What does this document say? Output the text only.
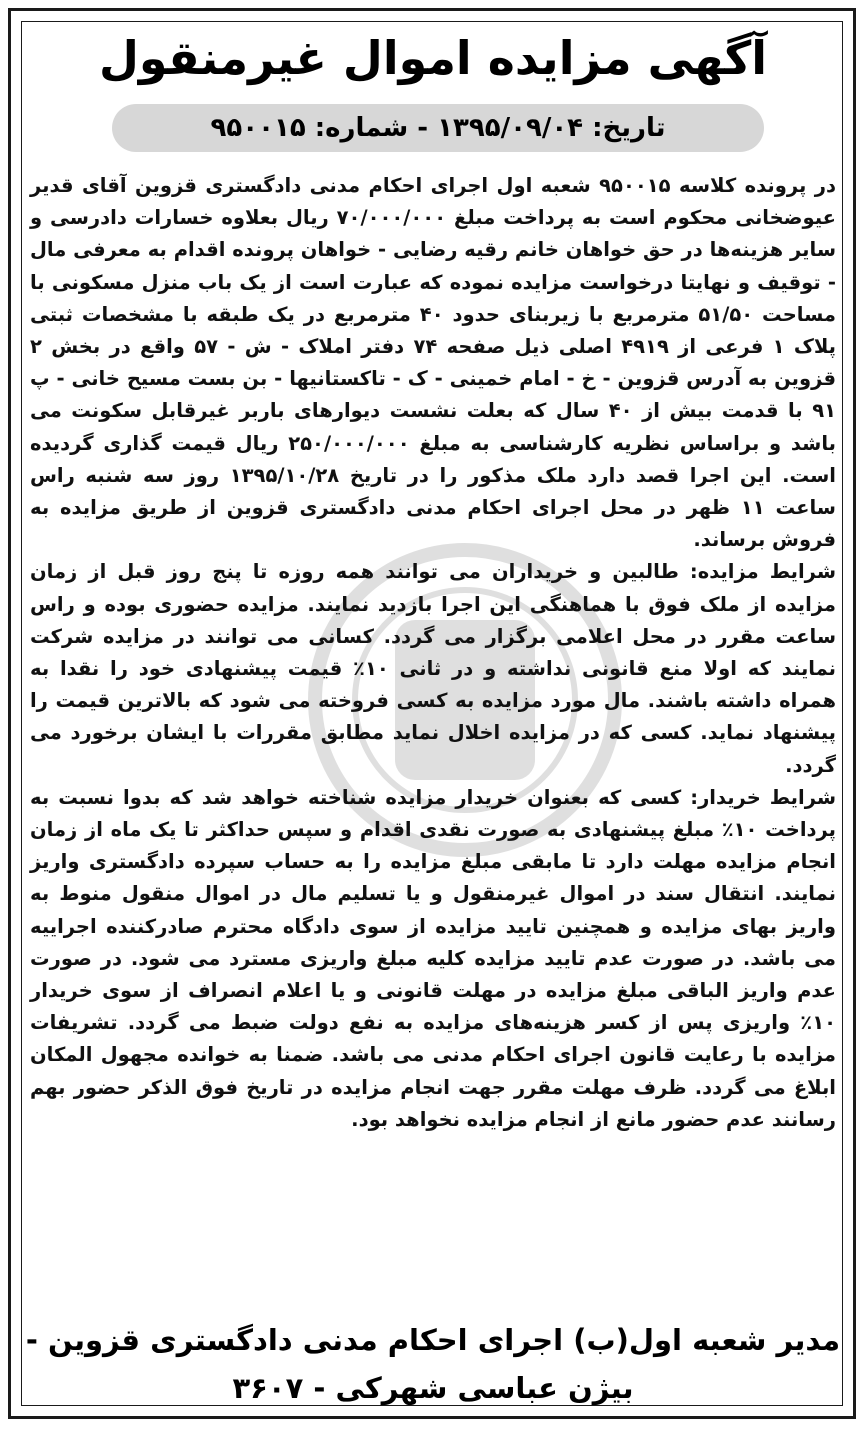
آگهی مزایده اموال غیرمنقول
تاریخ: ۱۳۹۵/۰۹/۰۴ - شماره: ۹۵۰۰۱۵

در پرونده کلاسه ۹۵۰۰۱۵ شعبه اول اجرای احکام مدنی دادگستری قزوین آقای قدیر عیوضخانی محکوم است به پرداخت مبلغ ۷۰/۰۰۰/۰۰۰ ریال بعلاوه خسارات دادرسی و سایر هزینه‌ها در حق خواهان خانم رقیه رضایی - خواهان پرونده اقدام به معرفی مال - توقیف و نهایتا درخواست مزایده نموده که عبارت است از یک باب منزل مسکونی با مساحت ۵۱/۵۰ مترمربع با زیربنای حدود ۴۰ مترمربع در یک طبقه با مشخصات ثبتی پلاک ۱ فرعی از ۴۹۱۹ اصلی ذیل صفحه ۷۴ دفتر املاک - ش - ۵۷ واقع در بخش ۲ قزوین به آدرس قزوین - خ - امام خمینی - ک - تاکستانیها - بن بست مسیح خانی - پ ۹۱ با قدمت بیش از ۴۰ سال که بعلت نشست دیوارهای باربر غیرقابل سکونت می باشد و براساس نظریه کارشناسی به مبلغ ۲۵۰/۰۰۰/۰۰۰ ریال قیمت گذاری گردیده است. این اجرا قصد دارد ملک مذکور را در تاریخ ۱۳۹۵/۱۰/۲۸ روز سه شنبه راس ساعت ۱۱ ظهر در محل اجرای احکام مدنی دادگستری قزوین از طریق مزایده به فروش برساند.

شرایط مزایده: طالبین و خریداران می توانند همه روزه تا پنج روز قبل از زمان مزایده از ملک فوق با هماهنگی این اجرا بازدید نمایند. مزایده حضوری بوده و راس ساعت مقرر در محل اعلامی برگزار می گردد. کسانی می توانند در مزایده شرکت نمایند که اولا منع قانونی نداشته و در ثانی ۱۰٪ قیمت پیشنهادی خود را نقدا به همراه داشته باشند. مال مورد مزایده به کسی فروخته می شود که بالاترین قیمت را پیشنهاد نماید. کسی که در مزایده اخلال نماید مطابق مقررات با ایشان برخورد می گردد.

شرایط خریدار: کسی که بعنوان خریدار مزایده شناخته خواهد شد که بدوا نسبت به پرداخت ۱۰٪ مبلغ پیشنهادی به صورت نقدی اقدام و سپس حداکثر تا یک ماه از زمان انجام مزایده مهلت دارد تا مابقی مبلغ مزایده را به حساب سپرده دادگستری واریز نمایند. انتقال سند در اموال غیرمنقول و یا تسلیم مال در اموال منقول منوط به واریز بهای مزایده و همچنین تایید مزایده از سوی دادگاه محترم صادرکننده اجراییه می باشد. در صورت عدم تایید مزایده کلیه مبلغ واریزی مسترد می شود. در صورت عدم واریز الباقی مبلغ مزایده در مهلت قانونی و یا اعلام انصراف از سوی خریدار ۱۰٪ واریزی پس از کسر هزینه‌های مزایده به نفع دولت ضبط می گردد. تشریفات مزایده با رعایت قانون اجرای احکام مدنی می باشد. ضمنا به خوانده مجهول المکان ابلاغ می گردد. ظرف مهلت مقرر جهت انجام مزایده در تاریخ فوق الذکر حضور بهم رسانند عدم حضور مانع از انجام مزایده نخواهد بود.

مدیر شعبه اول(ب) اجرای احکام مدنی دادگستری قزوین -
بیژن عباسی شهرکی - ۳۶۰۷
